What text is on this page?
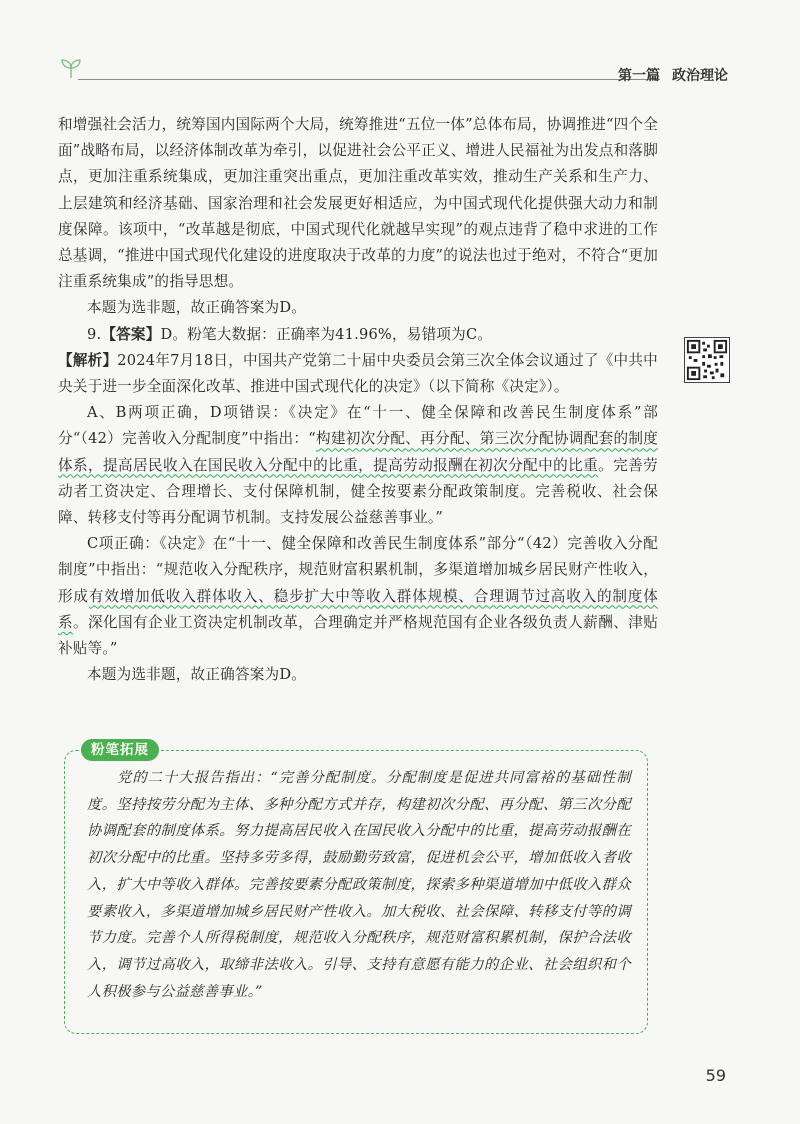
第一篇 政治理论

和增强社会活力，统筹国内国际两个大局，统筹推进“五位一体”总体布局，协调推进“四个全面”战略布局，以经济体制改革为牵引，以促进社会公平正义、增进人民福祉为出发点和落脚点，更加注重系统集成，更加注重突出重点，更加注重改革实效，推动生产关系和生产力、上层建筑和经济基础、国家治理和社会发展更好相适应，为中国式现代化提供强大动力和制度保障。该项中，“改革越是彻底，中国式现代化就越早实现”的观点违背了稳中求进的工作总基调，“推进中国式现代化建设的进度取决于改革的力度”的说法也过于绝对，不符合“更加注重系统集成”的指导思想。

本题为选非题，故正确答案为D。

9.【答案】D。粉笔大数据：正确率为41.96%，易错项为C。

【解析】2024年7月18日，中国共产党第二十届中央委员会第三次全体会议通过了《中共中央关于进一步全面深化改革、推进中国式现代化的决定》（以下简称《决定》）。

A、B两项正确，D项错误：《决定》在“十一、健全保障和改善民生制度体系”部分“（42）完善收入分配制度”中指出：“构建初次分配、再分配、第三次分配协调配套的制度体系，提高居民收入在国民收入分配中的比重，提高劳动报酬在初次分配中的比重。完善劳动者工资决定、合理增长、支付保障机制，健全按要素分配政策制度。完善税收、社会保障、转移支付等再分配调节机制。支持发展公益慈善事业。”

C项正确：《决定》在“十一、健全保障和改善民生制度体系”部分“（42）完善收入分配制度”中指出：“规范收入分配秩序，规范财富积累机制，多渠道增加城乡居民财产性收入，形成有效增加低收入群体收入、稳步扩大中等收入群体规模、合理调节过高收入的制度体系。深化国有企业工资决定机制改革，合理确定并严格规范国有企业各级负责人薪酬、津贴补贴等。”

本题为选非题，故正确答案为D。

粉笔拓展

党的二十大报告指出：“完善分配制度。分配制度是促进共同富裕的基础性制度。坚持按劳分配为主体、多种分配方式并存，构建初次分配、再分配、第三次分配协调配套的制度体系。努力提高居民收入在国民收入分配中的比重，提高劳动报酬在初次分配中的比重。坚持多劳多得，鼓励勤劳致富，促进机会公平，增加低收入者收入，扩大中等收入群体。完善按要素分配政策制度，探索多种渠道增加中低收入群众要素收入，多渠道增加城乡居民财产性收入。加大税收、社会保障、转移支付等的调节力度。完善个人所得税制度，规范收入分配秩序，规范财富积累机制，保护合法收入，调节过高收入，取缔非法收入。引导、支持有意愿有能力的企业、社会组织和个人积极参与公益慈善事业。”

59
